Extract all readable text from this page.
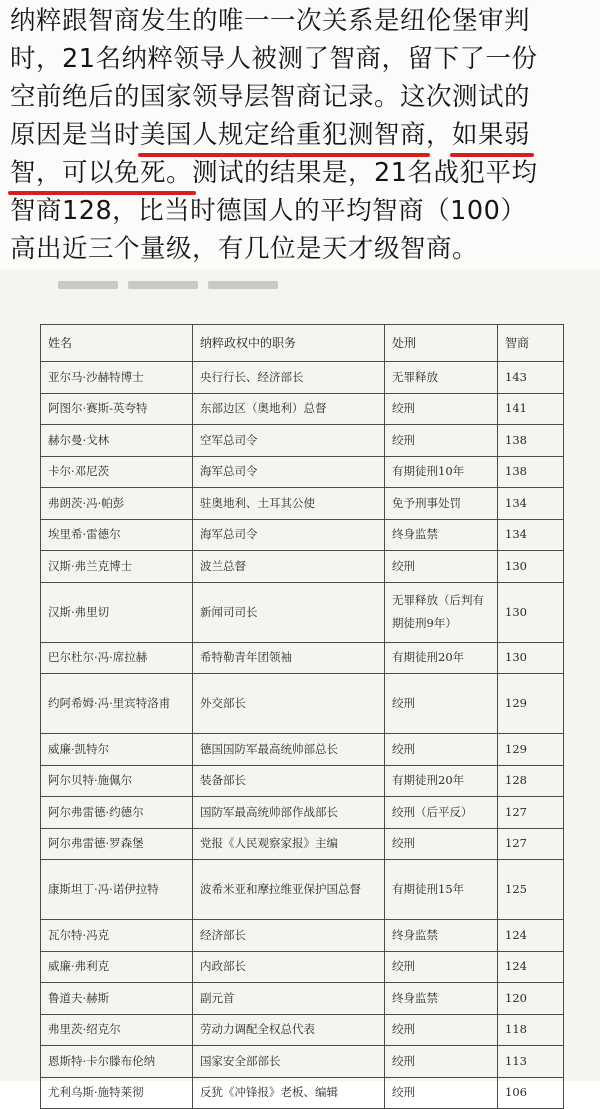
纳粹跟智商发生的唯一一次关系是纽伦堡审判
时，21名纳粹领导人被测了智商，留下了一份
空前绝后的国家领导层智商记录。这次测试的
原因是当时美国人规定给重犯测智商，如果弱
智，可以免死。测试的结果是，21名战犯平均
智商128，比当时德国人的平均智商（100）
高出近三个量级，有几位是天才级智商。
姓名	纳粹政权中的职务	处刑	智商

亚尔马·沙赫特博士	央行行长、经济部长	无罪释放	143

阿图尔·赛斯-英夸特	东部边区（奥地利）总督	绞刑	141

赫尔曼·戈林	空军总司令	绞刑	138

卡尔·邓尼茨	海军总司令	有期徒刑10年	138

弗朗茨·冯·帕彭	驻奥地利、土耳其公使	免予刑事处罚	134

埃里希·雷德尔	海军总司令	终身监禁	134

汉斯·弗兰克博士	波兰总督	绞刑	130

汉斯·弗里切	新闻司司长	无罪释放（后判有期徒刑9年）	130

巴尔杜尔·冯·席拉赫	希特勒青年团领袖	有期徒刑20年	130

约阿希姆·冯·里宾特洛甫	外交部长	绞刑	129

威廉·凯特尔	德国国防军最高统帅部总长	绞刑	129

阿尔贝特·施佩尔	装备部长	有期徒刑20年	128

阿尔弗雷德·约德尔	国防军最高统帅部作战部长	绞刑（后平反）	127

阿尔弗雷德·罗森堡	党报《人民观察家报》主编	绞刑	127

康斯坦丁·冯·诺伊拉特	波希米亚和摩拉维亚保护国总督	有期徒刑15年	125

瓦尔特·冯克	经济部长	终身监禁	124

威廉·弗利克	内政部长	绞刑	124

鲁道夫·赫斯	副元首	终身监禁	120

弗里茨·绍克尔	劳动力调配全权总代表	绞刑	118

恩斯特·卡尔滕布伦纳	国家安全部部长	绞刑	113

尤利乌斯·施特莱彻	反犹《冲锋报》老板、编辑	绞刑	106
